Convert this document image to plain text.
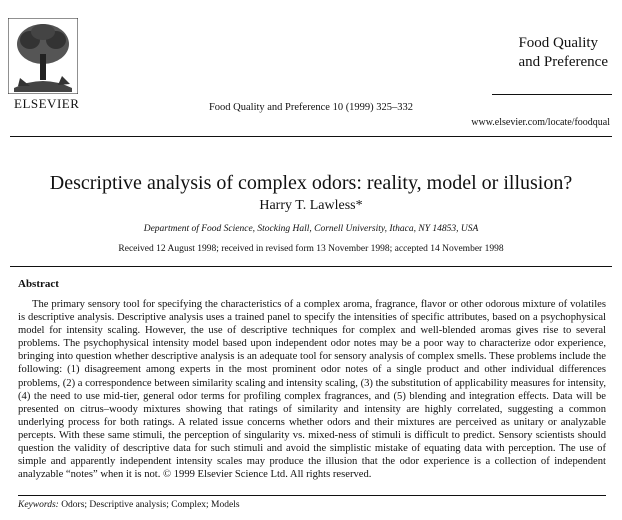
ELSEVIER	Food Quality and Preference 10 (1999) 325–332
Food Quality
and Preference
www.elsevier.com/locate/foodqual
Descriptive analysis of complex odors: reality, model or illusion?
Harry T. Lawless*
Department of Food Science, Stocking Hall, Cornell University, Ithaca, NY 14853, USA
Received 12 August 1998; received in revised form 13 November 1998; accepted 14 November 1998
Abstract
The primary sensory tool for specifying the characteristics of a complex aroma, fragrance, flavor or other odorous mixture of volatiles is descriptive analysis. Descriptive analysis uses a trained panel to specify the intensities of specific attributes, based on a psychophysical model for intensity scaling. However, the use of descriptive techniques for complex and well-blended aromas gives rise to several problems. The psychophysical intensity model based upon independent odor notes may be a poor way to characterize odor experience, bringing into question whether descriptive analysis is an adequate tool for sensory analysis of complex smells. These problems include the following: (1) disagreement among experts in the most prominent odor notes of a single product and other individual differences problems, (2) a correspondence between similarity scaling and intensity scaling, (3) the substitution of applicability measures for intensity, (4) the need to use mid-tier, general odor terms for profiling complex fragrances, and (5) blending and integration effects. Data will be presented on citrus–woody mixtures showing that ratings of similarity and intensity are highly correlated, suggesting a common underlying process for both ratings. A related issue concerns whether odors and their mixtures are perceived as unitary or analyzable percepts. With these same stimuli, the perception of singularity vs. mixed-ness of stimuli is difficult to predict. Sensory scientists should question the validity of descriptive data for such stimuli and avoid the simplistic mistake of equating data with perception. The use of simple and apparently independent intensity scales may produce the illusion that the odor experience is a collection of independent analyzable “notes” when it is not. © 1999 Elsevier Science Ltd. All rights reserved.
Keywords: Odors; Descriptive analysis; Complex; Models
